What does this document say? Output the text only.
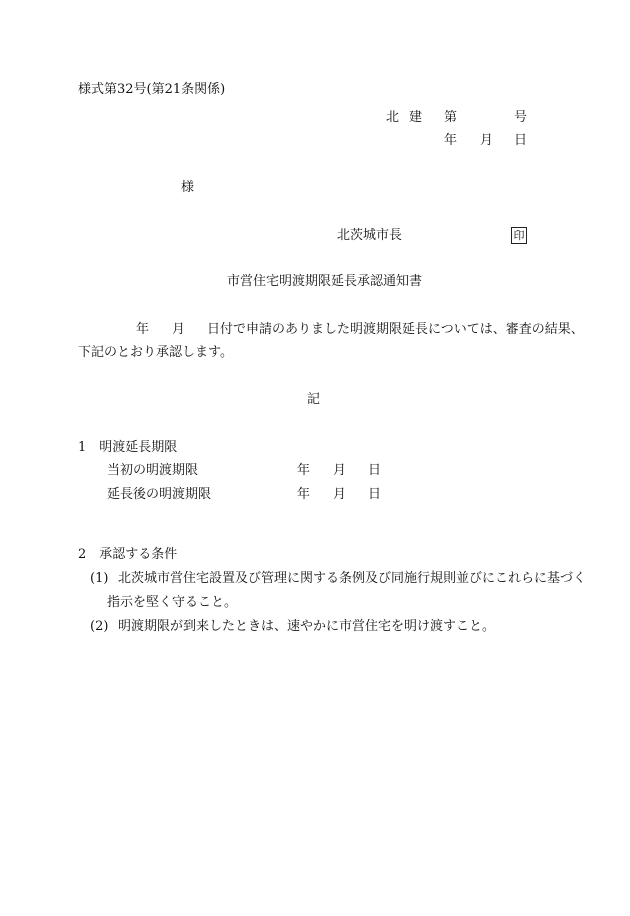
様式第32号(第21条関係)
北 建 第	号
年 月 日
様
北茨城市長	印
市営住宅明渡期限延長承認通知書
年 月 日付で申請のありました明渡期限延長については、審査の結果、
下記のとおり承認します。
記
1　明渡延長期限
当初の明渡期限	年 月 日
延長後の明渡期限	年 月 日
2　承認する条件
(1) 北茨城市営住宅設置及び管理に関する条例及び同施行規則並びにこれらに基づく
指示を堅く守ること。
(2) 明渡期限が到来したときは、速やかに市営住宅を明け渡すこと。
